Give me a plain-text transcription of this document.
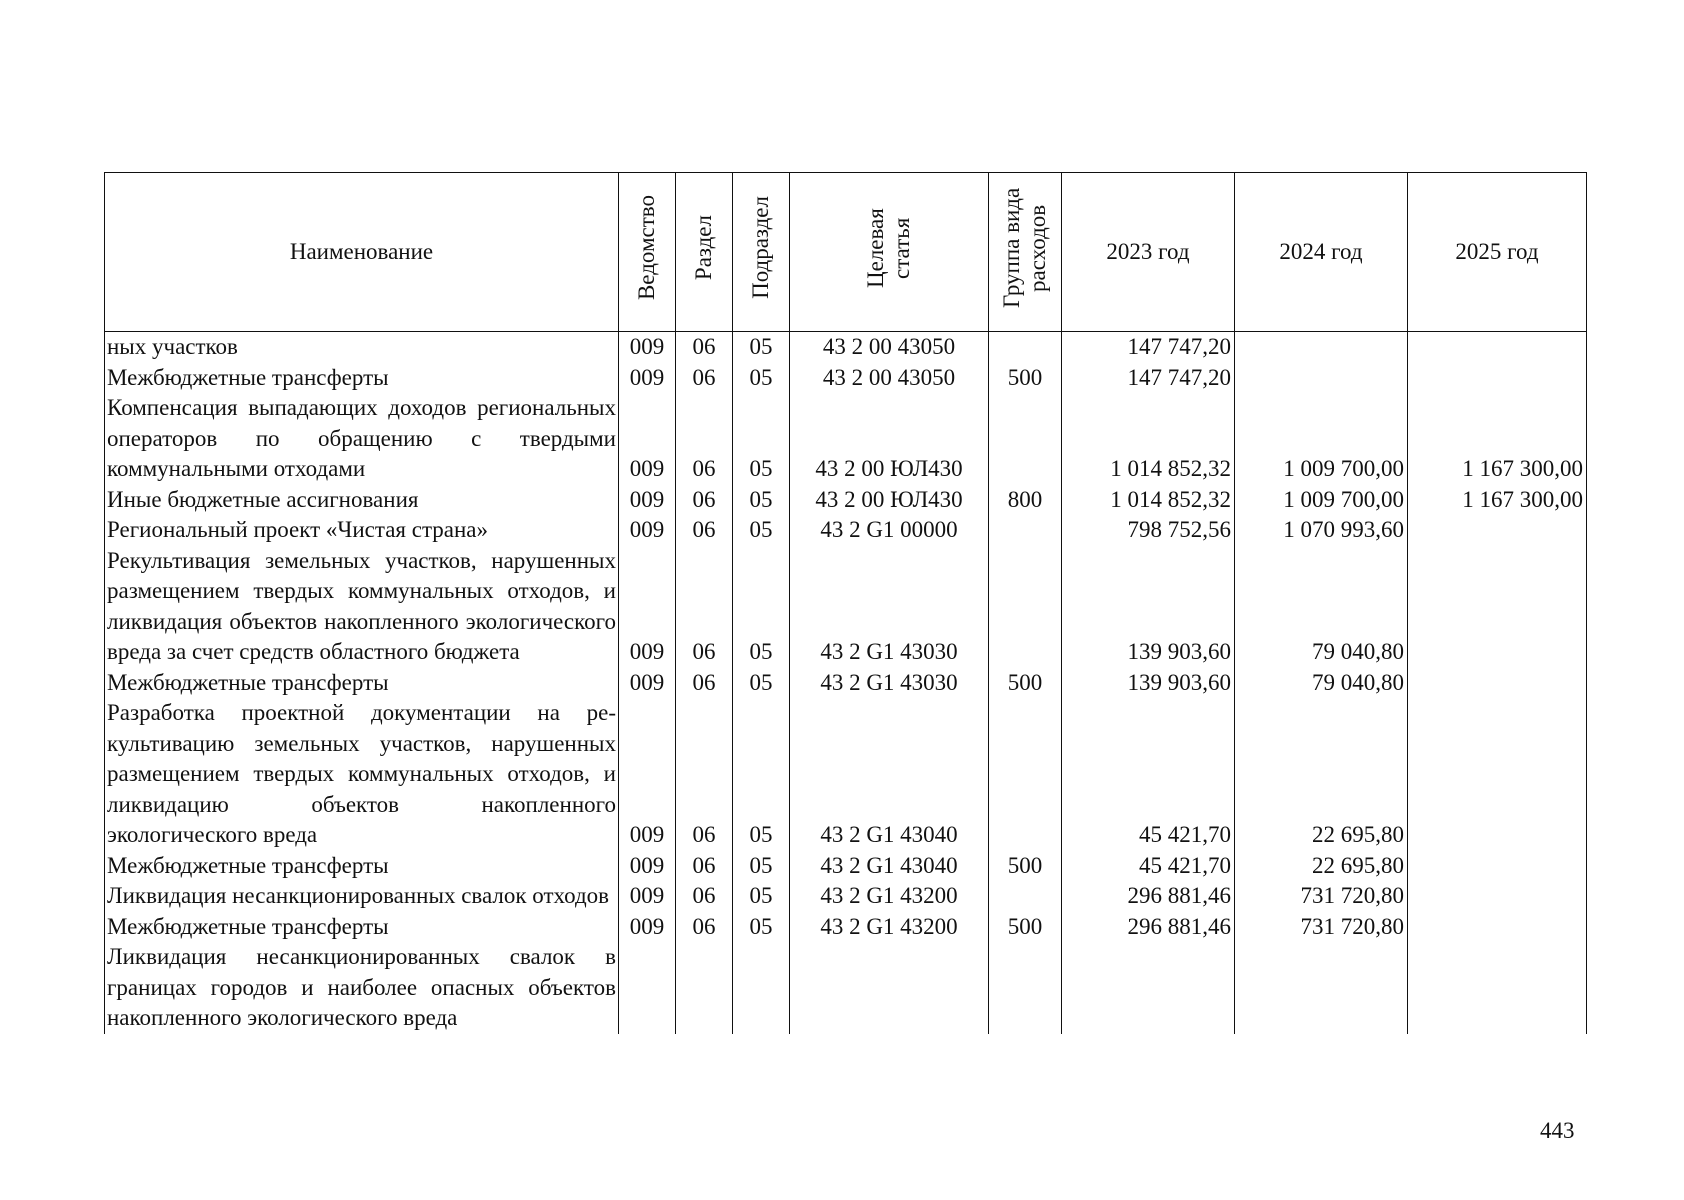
Наименование	Ведомство	Раздел	Подраздел	Целевая статья	Группа вида расходов	2023 год	2024 год	2025 год
ных участков	009	06	05	43 2 00 43050		147 747,20		
Межбюджетные трансферты	009	06	05	43 2 00 43050	500	147 747,20		
Компенсация выпадающих доходов региональных операторов по обращению с твердыми коммунальными отходами	009	06	05	43 2 00 ЮЛ430		1 014 852,32	1 009 700,00	1 167 300,00
Иные бюджетные ассигнования	009	06	05	43 2 00 ЮЛ430	800	1 014 852,32	1 009 700,00	1 167 300,00
Региональный проект «Чистая страна»	009	06	05	43 2 G1 00000		798 752,56	1 070 993,60	
Рекультивация земельных участков, нарушенных размещением твердых коммунальных отходов, и ликвидация объектов накопленного экологического вреда за счет средств областного бюджета	009	06	05	43 2 G1 43030		139 903,60	79 040,80	
Межбюджетные трансферты	009	06	05	43 2 G1 43030	500	139 903,60	79 040,80	
Разработка проектной документации на рекультивацию земельных участков, нарушенных размещением твердых коммунальных отходов, и ликвидацию объектов накопленного экологического вреда	009	06	05	43 2 G1 43040		45 421,70	22 695,80	
Межбюджетные трансферты	009	06	05	43 2 G1 43040	500	45 421,70	22 695,80	
Ликвидация несанкционированных свалок отходов	009	06	05	43 2 G1 43200		296 881,46	731 720,80	
Межбюджетные трансферты	009	06	05	43 2 G1 43200	500	296 881,46	731 720,80	
Ликвидация несанкционированных свалок в границах городов и наиболее опасных объектов накопленного экологического вреда								
443
